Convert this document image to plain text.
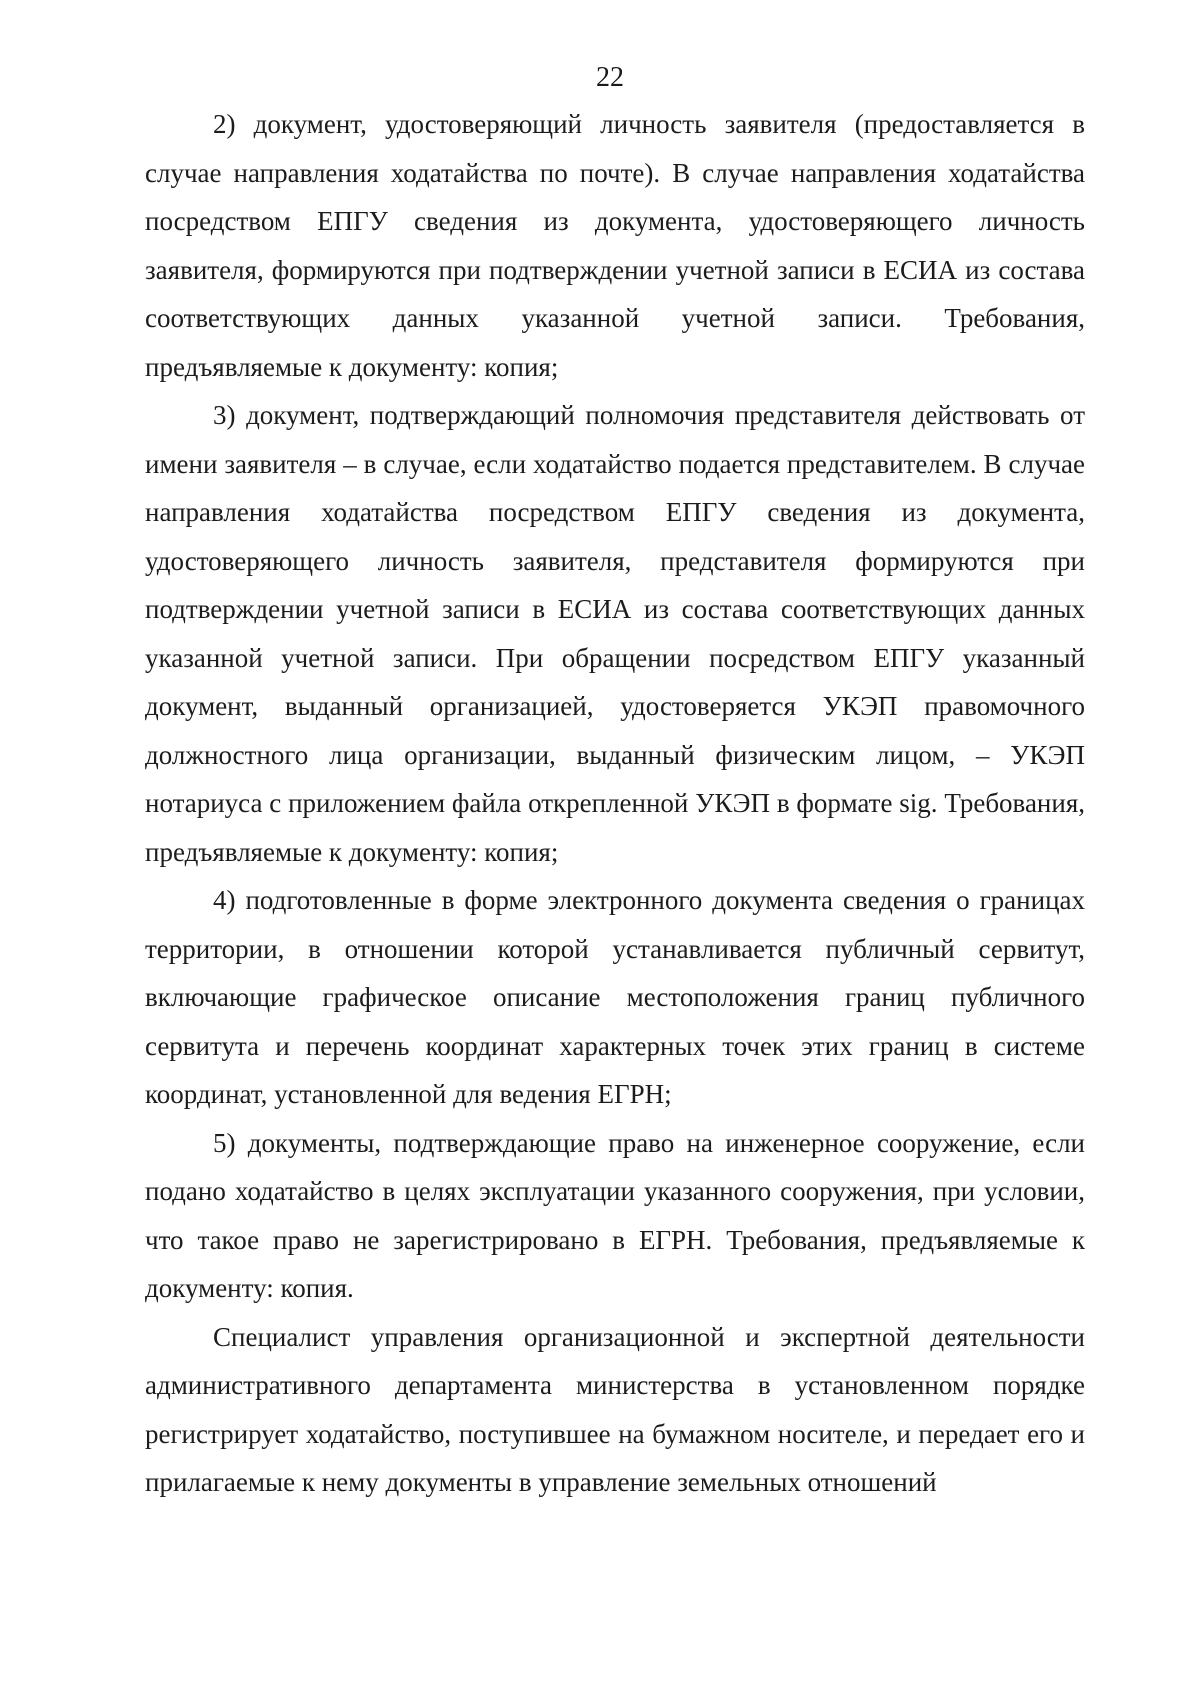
22

2) документ, удостоверяющий личность заявителя (предоставляется в случае направления ходатайства по почте). В случае направления ходатайства посредством ЕПГУ сведения из документа, удостоверяющего личность заявителя, формируются при подтверждении учетной записи в ЕСИА из состава соответствующих данных указанной учетной записи. Требования, предъявляемые к документу: копия;

3) документ, подтверждающий полномочия представителя действовать от имени заявителя – в случае, если ходатайство подается представителем. В случае направления ходатайства посредством ЕПГУ сведения из документа, удостоверяющего личность заявителя, представителя формируются при подтверждении учетной записи в ЕСИА из состава соответствующих данных указанной учетной записи. При обращении посредством ЕПГУ указанный документ, выданный организацией, удостоверяется УКЭП правомочного должностного лица организации, выданный физическим лицом, – УКЭП нотариуса с приложением файла открепленной УКЭП в формате sig. Требования, предъявляемые к документу: копия;

4) подготовленные в форме электронного документа сведения о границах территории, в отношении которой устанавливается публичный сервитут, включающие графическое описание местоположения границ публичного сервитута и перечень координат характерных точек этих границ в системе координат, установленной для ведения ЕГРН;

5) документы, подтверждающие право на инженерное сооружение, если подано ходатайство в целях эксплуатации указанного сооружения, при условии, что такое право не зарегистрировано в ЕГРН. Требования, предъявляемые к документу: копия.

Специалист управления организационной и экспертной деятельности административного департамента министерства в установленном порядке регистрирует ходатайство, поступившее на бумажном носителе, и передает его и прилагаемые к нему документы в управление земельных отношений
